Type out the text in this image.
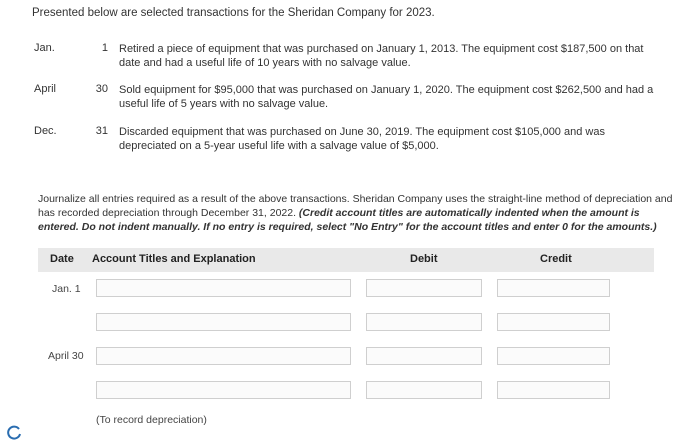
Presented below are selected transactions for the Sheridan Company for 2023.
Jan.	1 Retired a piece of equipment that was purchased on January 1, 2013. The equipment cost $187,500 on that date and had a useful life of 10 years with no salvage value.
April	30 Sold equipment for $95,000 that was purchased on January 1, 2020. The equipment cost $262,500 and had a useful life of 5 years with no salvage value.
Dec.	31 Discarded equipment that was purchased on June 30, 2019. The equipment cost $105,000 and was depreciated on a 5-year useful life with a salvage value of $5,000.
Journalize all entries required as a result of the above transactions. Sheridan Company uses the straight-line method of depreciation and has recorded depreciation through December 31, 2022. (Credit account titles are automatically indented when the amount is entered. Do not indent manually. If no entry is required, select "No Entry" for the account titles and enter 0 for the amounts.)
Date Account Titles and Explanation	Debit	Credit
Jan. 1
April 30
(To record depreciation)
